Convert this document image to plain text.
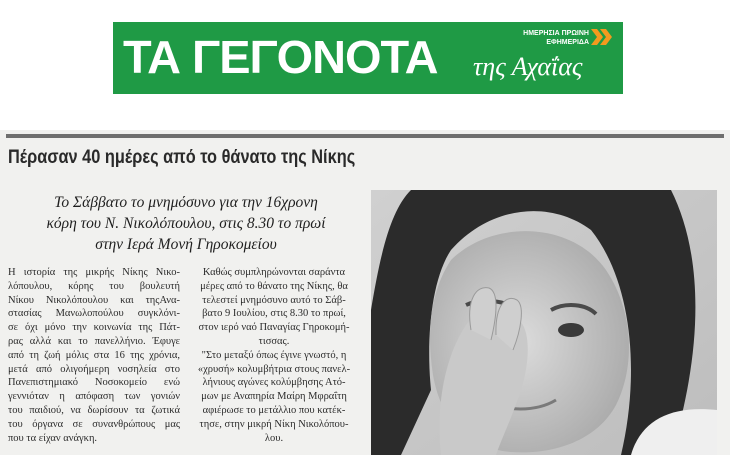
ΤΑ ΓΕΓΟΝΟΤΑ της Αχαΐας
ΗΜΕΡΗΣΙΑ ΠΡΩΙΝΗ
ΕΦΗΜΕΡΙΔΑ
Πέρασαν 40 ημέρες από το θάνατο της Νίκης
Το Σάββατο το μνημόσυνο για την 16χρονη
κόρη του Ν. Νικολόπουλου, στις 8.30 το πρωί
στην Ιερά Μονή Γηροκομείου
Η ιστορία της μικρής Νίκης Νικο-
λόπουλου, κόρης του βουλευτή
Νίκου Νικολόπουλου και τηςΑνα-
στασίας Μανωλοπούλου συγκλόνι-
σε όχι μόνο την κοινωνία της Πάτ-
ρας αλλά και το πανελλήνιο. Έφυγε
από τη ζωή μόλις στα 16 της χρόνια,
μετά από ολιγοήμερη νοσηλεία στο
Πανεπιστημιακό Νοσοκομείο ενώ
γεννιόταν η απόφαση των γονιών
του παιδιού, να δωρίσουν τα ζωτικά
του όργανα σε συνανθρώπους μας
που τα είχαν ανάγκη.
Καθώς συμπληρώνονται σαράντα
μέρες από το θάνατο της Νίκης, θα
τελεστεί μνημόσυνο αυτό το Σάβ-
βατο 9 Ιουλίου, στις 8.30 το πρωί,
στον ιερό ναό Παναγίας Γηροκομή-
τισσας.
"Στο μεταξύ όπως έγινε γνωστό, η
«χρυσή» κολυμβήτρια στους πανελ-
λήνιους αγώνες κολύμβησης Ατό-
μων με Αναπηρία Μαίρη Μφραΐτη
αφιέρωσε το μετάλλιο που κατέκ-
τησε, στην μικρή Νίκη Νικολόπου-
λου.
